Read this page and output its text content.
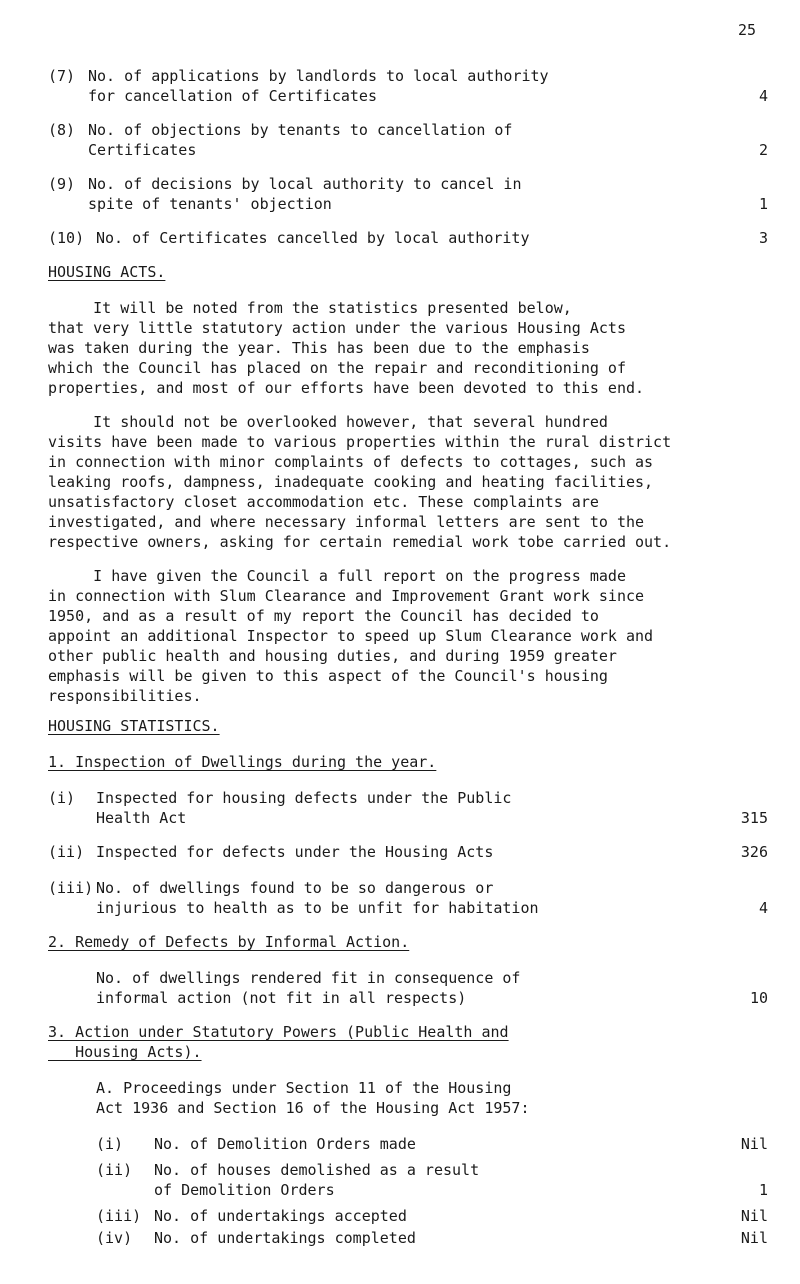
25
(7) No. of applications by landlords to local authority
for cancellation of Certificates	4
(8) No. of objections by tenants to cancellation of
Certificates	2
(9) No. of decisions by local authority to cancel in
spite of tenants' objection	1
(10) No. of Certificates cancelled by local authority	3
HOUSING ACTS.

It will be noted from the statistics presented below,

that very little statutory action under the various Housing Acts

was taken during the year. This has been due to the emphasis

which the Council has placed on the repair and reconditioning of

properties, and most of our efforts have been devoted to this end.

It should not be overlooked however, that several hundred

visits have been made to various properties within the rural district

in connection with minor complaints of defects to cottages, such as

leaking roofs, dampness, inadequate cooking and heating facilities,

unsatisfactory closet accommodation etc. These complaints are

investigated, and where necessary informal letters are sent to the

respective owners, asking for certain remedial work tobe carried out.

I have given the Council a full report on the progress made

in connection with Slum Clearance and Improvement Grant work since

1950, and as a result of my report the Council has decided to

appoint an additional Inspector to speed up Slum Clearance work and

other public health and housing duties, and during 1959 greater

emphasis will be given to this aspect of the Council's housing

responsibilities.

HOUSING STATISTICS.
1. Inspection of Dwellings during the year.
(i) Inspected for housing defects under the Public
Health Act	315
(ii) Inspected for defects under the Housing Acts	326
(iii) No. of dwellings found to be so dangerous or
injurious to health as to be unfit for habitation	4
2. Remedy of Defects by Informal Action.
No. of dwellings rendered fit in consequence of
informal action (not fit in all respects)	10
3. Action under Statutory Powers (Public Health and
Housing Acts).
A. Proceedings under Section 11 of the Housing
Act 1936 and Section 16 of the Housing Act 1957:
(i) No. of Demolition Orders made	Nil
(ii) No. of houses demolished as a result
of Demolition Orders	1
(iii) No. of undertakings accepted	Nil
(iv) No. of undertakings completed	Nil
